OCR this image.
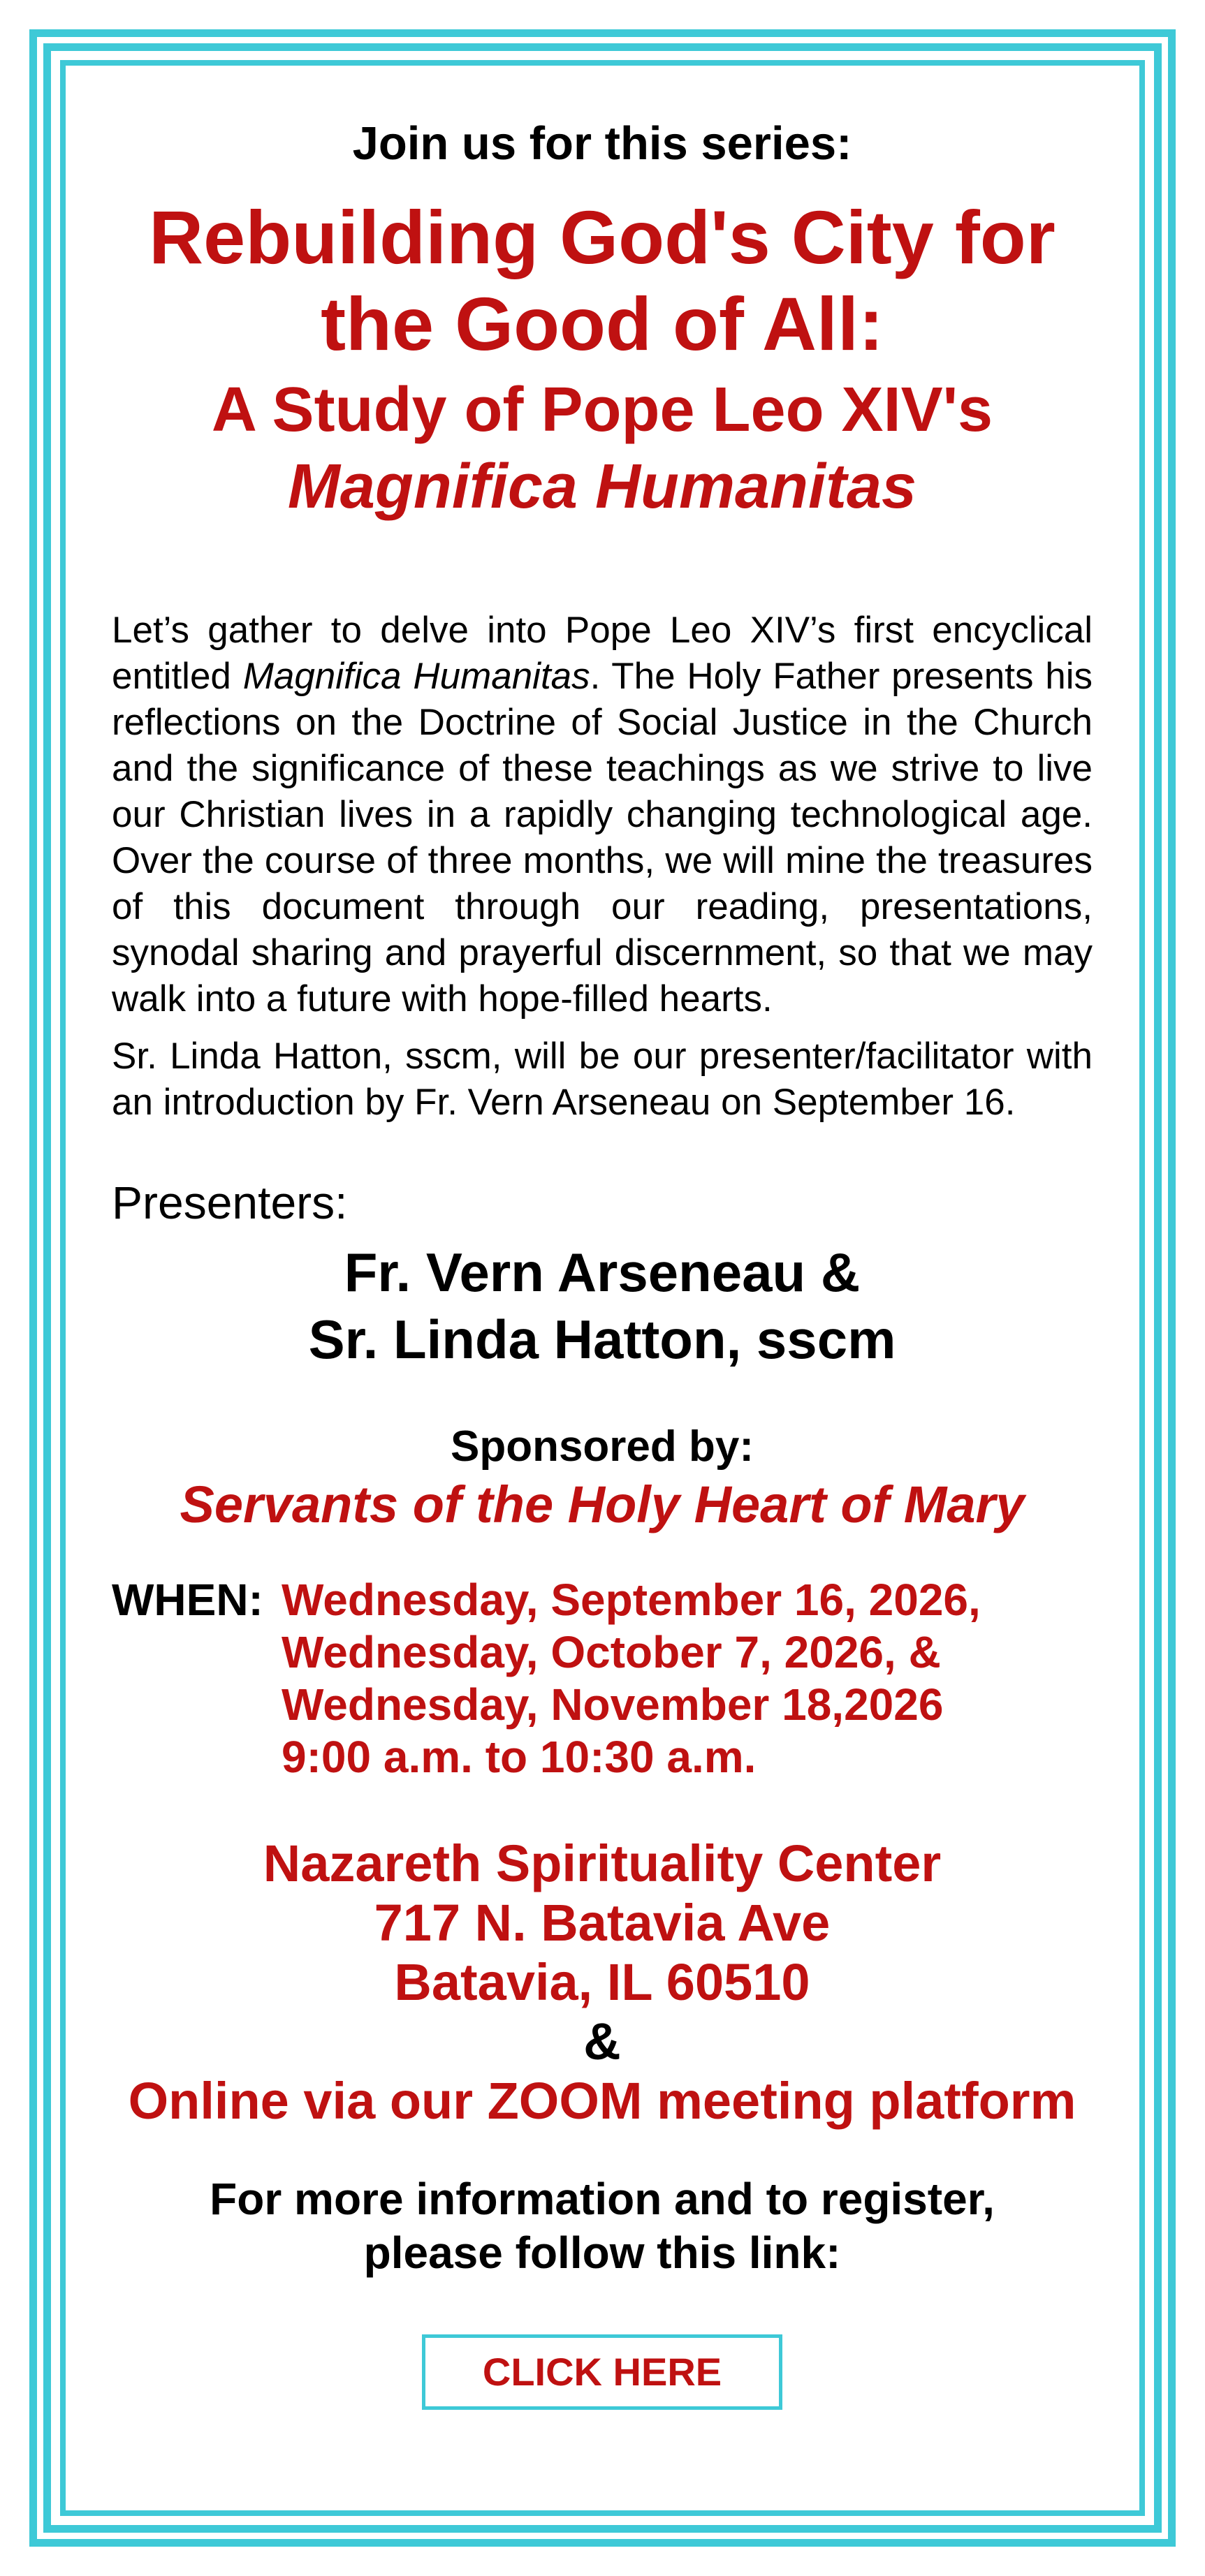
Join us for this series:

Rebuilding God's City for

the Good of All:

A Study of Pope Leo XIV's

Magnifica Humanitas

Let’s gather to delve into Pope Leo XIV’s first encyclical entitled Magnifica Humanitas. The Holy Father presents his reflections on the Doctrine of Social Justice in the Church and the significance of these teachings as we strive to live our Christian lives in a rapidly changing technological age. Over the course of three months, we will mine the treasures of this document through our reading, presentations, synodal sharing and prayerful discernment, so that we may walk into a future with hope-filled hearts.

Sr. Linda Hatton, sscm, will be our presenter/facilitator with an introduction by Fr. Vern Arseneau on September 16.

Presenters:

Fr. Vern Arseneau &

Sr. Linda Hatton, sscm

Sponsored by:

Servants of the Holy Heart of Mary

WHEN: Wednesday, September 16, 2026,
Wednesday, October 7, 2026, &
Wednesday, November 18,2026
9:00 a.m. to 10:30 a.m.
Nazareth Spirituality Center
717 N. Batavia Ave
Batavia, IL 60510
&
Online via our ZOOM meeting platform
For more information and to register,
please follow this link:
CLICK HERE
